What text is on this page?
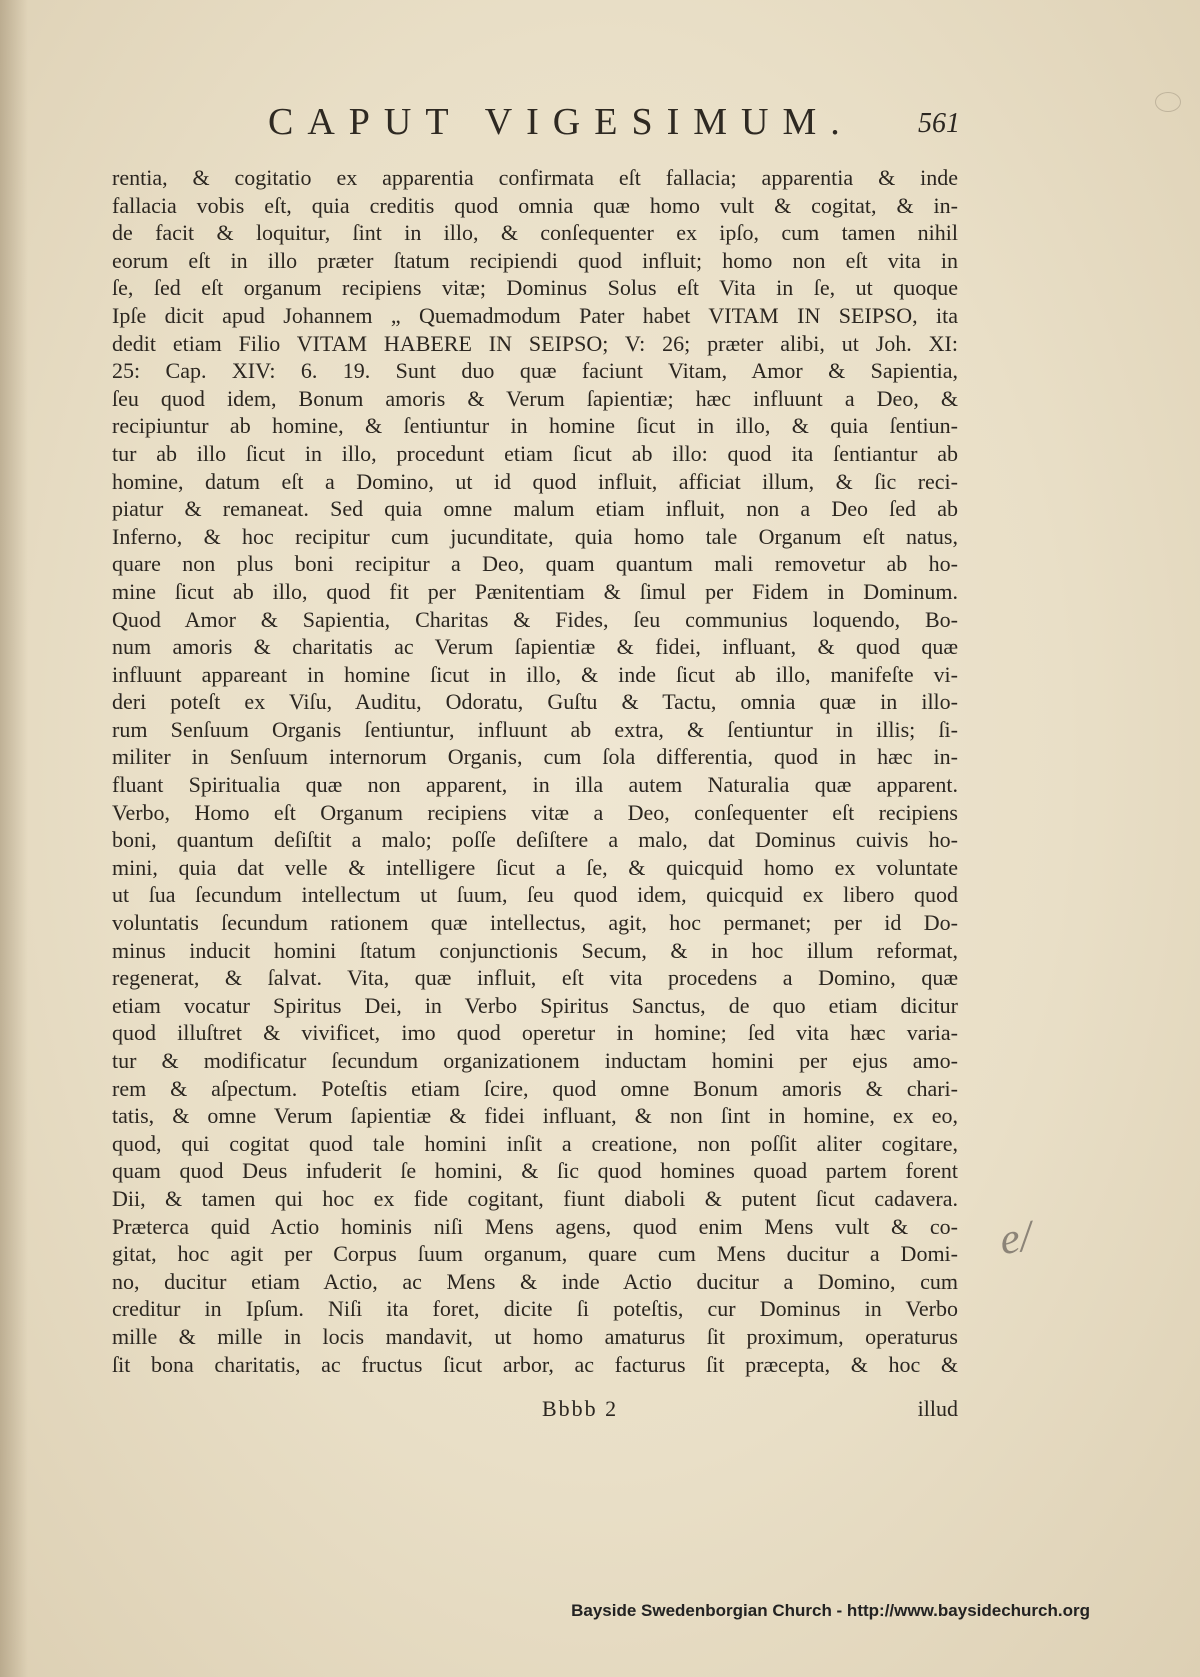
CAPUT VIGESIMUM. 561
rentia, & cogitatio ex apparentia confirmata eſt fallacia; apparentia & inde
fallacia vobis eſt, quia creditis quod omnia quæ homo vult & cogitat, & in-
de facit & loquitur, ſint in illo, & conſequenter ex ipſo, cum tamen nihil
eorum eſt in illo præter ſtatum recipiendi quod influit; homo non eſt vita in
ſe, ſed eſt organum recipiens vitæ; Dominus Solus eſt Vita in ſe, ut quoque
Ipſe dicit apud Johannem „ Quemadmodum Pater habet VITAM IN SEIPSO, ita
dedit etiam Filio VITAM HABERE IN SEIPSO; V: 26; præter alibi, ut Joh. XI:
25: Cap. XIV: 6. 19. Sunt duo quæ faciunt Vitam, Amor & Sapientia,
ſeu quod idem, Bonum amoris & Verum ſapientiæ; hæc influunt a Deo, &
recipiuntur ab homine, & ſentiuntur in homine ſicut in illo, & quia ſentiun-
tur ab illo ſicut in illo, procedunt etiam ſicut ab illo: quod ita ſentiantur ab
homine, datum eſt a Domino, ut id quod influit, afficiat illum, & ſic reci-
piatur & remaneat. Sed quia omne malum etiam influit, non a Deo ſed ab
Inferno, & hoc recipitur cum jucunditate, quia homo tale Organum eſt natus,
quare non plus boni recipitur a Deo, quam quantum mali removetur ab ho-
mine ſicut ab illo, quod fit per Pænitentiam & ſimul per Fidem in Dominum.
Quod Amor & Sapientia, Charitas & Fides, ſeu communius loquendo, Bo-
num amoris & charitatis ac Verum ſapientiæ & fidei, influant, & quod quæ
influunt appareant in homine ſicut in illo, & inde ſicut ab illo, manifeſte vi-
deri poteſt ex Viſu, Auditu, Odoratu, Guſtu & Tactu, omnia quæ in illo-
rum Senſuum Organis ſentiuntur, influunt ab extra, & ſentiuntur in illis; ſi-
militer in Senſuum internorum Organis, cum ſola differentia, quod in hæc in-
fluant Spiritualia quæ non apparent, in illa autem Naturalia quæ apparent.
Verbo, Homo eſt Organum recipiens vitæ a Deo, conſequenter eſt recipiens
boni, quantum deſiſtit a malo; poſſe deſiſtere a malo, dat Dominus cuivis ho-
mini, quia dat velle & intelligere ſicut a ſe, & quicquid homo ex voluntate
ut ſua ſecundum intellectum ut ſuum, ſeu quod idem, quicquid ex libero quod
voluntatis ſecundum rationem quæ intellectus, agit, hoc permanet; per id Do-
minus inducit homini ſtatum conjunctionis Secum, & in hoc illum reformat,
regenerat, & ſalvat. Vita, quæ influit, eſt vita procedens a Domino, quæ
etiam vocatur Spiritus Dei, in Verbo Spiritus Sanctus, de quo etiam dicitur
quod illuſtret & vivificet, imo quod operetur in homine; ſed vita hæc varia-
tur & modificatur ſecundum organizationem inductam homini per ejus amo-
rem & aſpectum. Poteſtis etiam ſcire, quod omne Bonum amoris & chari-
tatis, & omne Verum ſapientiæ & fidei influant, & non ſint in homine, ex eo,
quod, qui cogitat quod tale homini inſit a creatione, non poſſit aliter cogitare,
quam quod Deus infuderit ſe homini, & ſic quod homines quoad partem forent
Dii, & tamen qui hoc ex fide cogitant, fiunt diaboli & putent ſicut cadavera.
Præterca quid Actio hominis niſi Mens agens, quod enim Mens vult & co-
gitat, hoc agit per Corpus ſuum organum, quare cum Mens ducitur a Domi-
no, ducitur etiam Actio, ac Mens & inde Actio ducitur a Domino, cum
creditur in Ipſum. Niſi ita foret, dicite ſi poteſtis, cur Dominus in Verbo
mille & mille in locis mandavit, ut homo amaturus ſit proximum, operaturus
ſit bona charitatis, ac fructus ſicut arbor, ac facturus ſit præcepta, & hoc &
Bbbb 2	illud
e/
Bayside Swedenborgian Church - http://www.baysidechurch.org
